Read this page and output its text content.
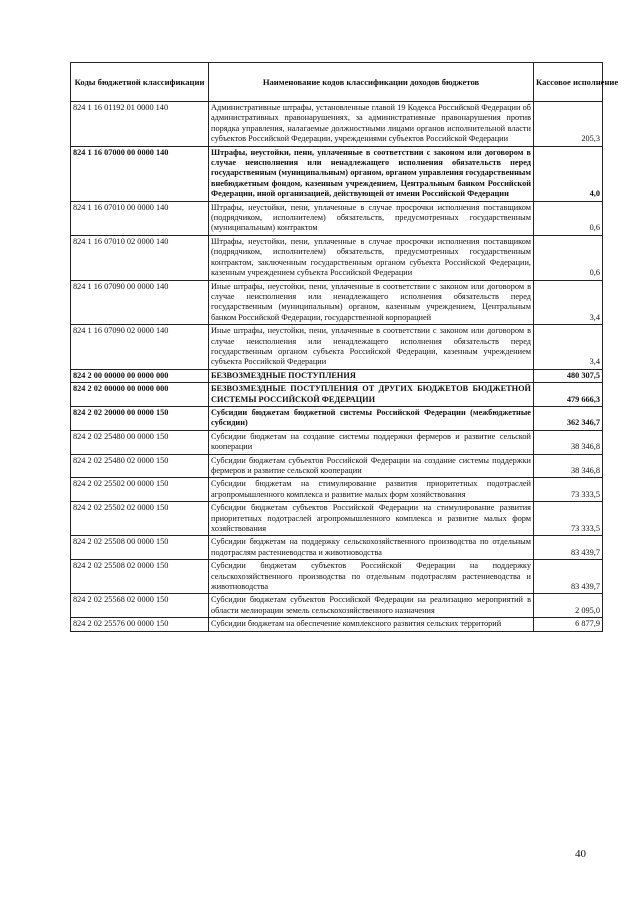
Коды бюджетной классификации	Наименование кодов классификации доходов бюджетов	Кассовое исполнение
824 1 16 01192 01 0000 140	Административные штрафы, установленные главой 19 Кодекса Российской Федерации об административных правонарушениях, за административные правонарушения против порядка управления, налагаемые должностными лицами органов исполнительной власти субъектов Российской Федерации, учреждениями субъектов Российской Федерации	205,3
824 1 16 07000 00 0000 140	Штрафы, неустойки, пени, уплаченные в соответствии с законом или договором в случае неисполнения или ненадлежащего исполнения обязательств перед государственным (муниципальным) органом, органом управления государственным внебюджетным фондом, казенным учреждением, Центральным банком Российской Федерации, иной организацией, действующей от имени Российской Федерации	4,0
824 1 16 07010 00 0000 140	Штрафы, неустойки, пени, уплаченные в случае просрочки исполнения поставщиком (подрядчиком, исполнителем) обязательств, предусмотренных государственным (муниципальным) контрактом	0,6
824 1 16 07010 02 0000 140	Штрафы, неустойки, пени, уплаченные в случае просрочки исполнения поставщиком (подрядчиком, исполнителем) обязательств, предусмотренных государственным контрактом, заключенным государственным органом субъекта Российской Федерации, казенным учреждением субъекта Российской Федерации	0,6
824 1 16 07090 00 0000 140	Иные штрафы, неустойки, пени, уплаченные в соответствии с законом или договором в случае неисполнения или ненадлежащего исполнения обязательств перед государственным (муниципальным) органом, казенным учреждением, Центральным банком Российской Федерации, государственной корпорацией	3,4
824 1 16 07090 02 0000 140	Иные штрафы, неустойки, пени, уплаченные в соответствии с законом или договором в случае неисполнения или ненадлежащего исполнения обязательств перед государственным органом субъекта Российской Федерации, казенным учреждением субъекта Российской Федерации	3,4
824 2 00 00000 00 0000 000	БЕЗВОЗМЕЗДНЫЕ ПОСТУПЛЕНИЯ	480 307,5
824 2 02 00000 00 0000 000	БЕЗВОЗМЕЗДНЫЕ ПОСТУПЛЕНИЯ ОТ ДРУГИХ БЮДЖЕТОВ БЮДЖЕТНОЙ СИСТЕМЫ РОССИЙСКОЙ ФЕДЕРАЦИИ	479 666,3
824 2 02 20000 00 0000 150	Субсидии бюджетам бюджетной системы Российской Федерации (межбюджетные субсидии)	362 346,7
824 2 02 25480 00 0000 150	Субсидии бюджетам на создание системы поддержки фермеров и развитие сельской кооперации	38 346,8
824 2 02 25480 02 0000 150	Субсидии бюджетам субъектов Российской Федерации на создание системы поддержки фермеров и развитие сельской кооперации	38 346,8
824 2 02 25502 00 0000 150	Субсидии бюджетам на стимулирование развития приоритетных подотраслей агропромышленного комплекса и развитие малых форм хозяйствования	73 333,5
824 2 02 25502 02 0000 150	Субсидии бюджетам субъектов Российской Федерации на стимулирование развития приоритетных подотраслей агропромышленного комплекса и развитие малых форм хозяйствования	73 333,5
824 2 02 25508 00 0000 150	Субсидии бюджетам на поддержку сельскохозяйственного производства по отдельным подотраслям растениеводства и животноводства	83 439,7
824 2 02 25508 02 0000 150	Субсидии бюджетам субъектов Российской Федерации на поддержку сельскохозяйственного производства по отдельным подотраслям растениеводства и животноводства	83 439,7
824 2 02 25568 02 0000 150	Субсидии бюджетам субъектов Российской Федерации на реализацию мероприятий в области мелиорации земель сельскохозяйственного назначения	2 095,0
824 2 02 25576 00 0000 150	Субсидии бюджетам на обеспечение комплексного развития сельских территорий	6 877,9
40
